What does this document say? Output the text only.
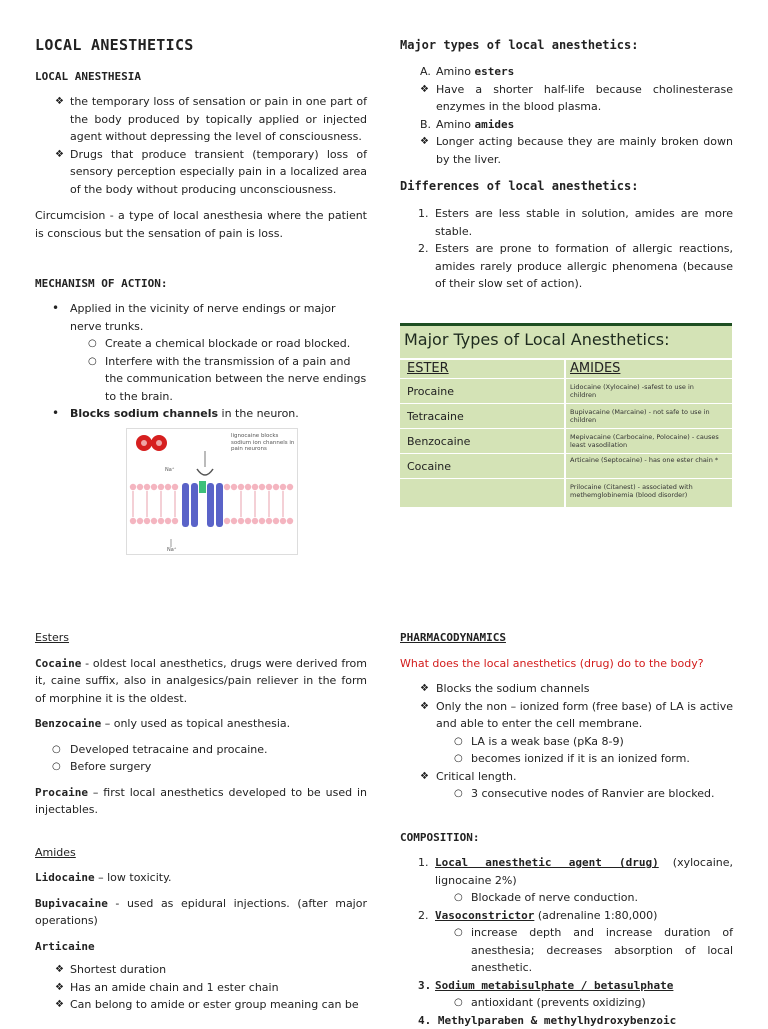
LOCAL ANESTHETICS
LOCAL ANESTHESIA
❖ the temporary loss of sensation or pain in one part of the body produced by topically applied or injected agent without depressing the level of consciousness.

❖ Drugs that produce transient (temporary) loss of sensory perception especially pain in a localized area of the body without producing unconsciousness.

Circumcision - a type of local anesthesia where the patient is conscious but the sensation of pain is loss.

MECHANISM OF ACTION:
• Applied in the vicinity of nerve endings or major nerve trunks.

○ Create a chemical blockade or road blocked.

○ Interfere with the transmission of a pain and the communication between the nerve endings to the brain.

• Blocks sodium channels in the neuron.

Na⁺
Na⁺
lignocaine blocks sodium ion channels in pain neurons
Major types of local anesthetics:
A. Amino esters

❖ Have a shorter half-life because cholinesterase enzymes in the blood plasma.

B. Amino amides

❖ Longer acting because they are mainly broken down by the liver.

Differences of local anesthetics:
1. Esters are less stable in solution, amides are more stable.

2. Esters are prone to formation of allergic reactions, amides rarely produce allergic phenomena (because of their slow set of action).

Major Types of Local Anesthetics:
ESTER	AMIDES
Procaine
Tetracaine
Benzocaine
Cocaine
Lidocaine (Xylocaine) -safest to use in children
Bupivacaine (Marcaine) - not safe to use in children
Mepivacaine (Carbocaine, Polocaine) - causes least vasodilation
Articaine (Septocaine) - has one ester chain *
Prilocaine (Citanest) - associated with methemglobinemia (blood disorder)
Esters

Cocaine - oldest local anesthetics, drugs were derived from it, caine suffix, also in analgesics/pain reliever in the form of morphine it is the oldest.

Benzocaine – only used as topical anesthesia.

○ Developed tetracaine and procaine.
○ Before surgery

Procaine – first local anesthetics developed to be used in injectables.

Amides

Lidocaine – low toxicity.

Bupivacaine - used as epidural injections. (after major operations)

Articaine

❖ Shortest duration
❖ Has an amide chain and 1 ester chain
❖ Can belong to amide or ester group meaning can be
PHARMACODYNAMICS
What does the local anesthetics (drug) do to the body?
❖ Blocks the sodium channels

❖ Only the non – ionized form (free base) of LA is active and able to enter the cell membrane.

○ LA is a weak base (pKa 8-9)
○ becomes ionized if it is an ionized form.
❖ Critical length.
○ 3 consecutive nodes of Ranvier are blocked.
COMPOSITION:
1. Local anesthetic agent (drug) (xylocaine, lignocaine 2%)

○ Blockade of nerve conduction.
2. Vasoconstrictor (adrenaline 1:80,000)

○ increase depth and increase duration of anesthesia; decreases absorption of local anesthetic.

3. Sodium metabisulphate / betasulphate

○ antioxidant (prevents oxidizing)
4. Methylparaben & methylhydroxybenzoic
